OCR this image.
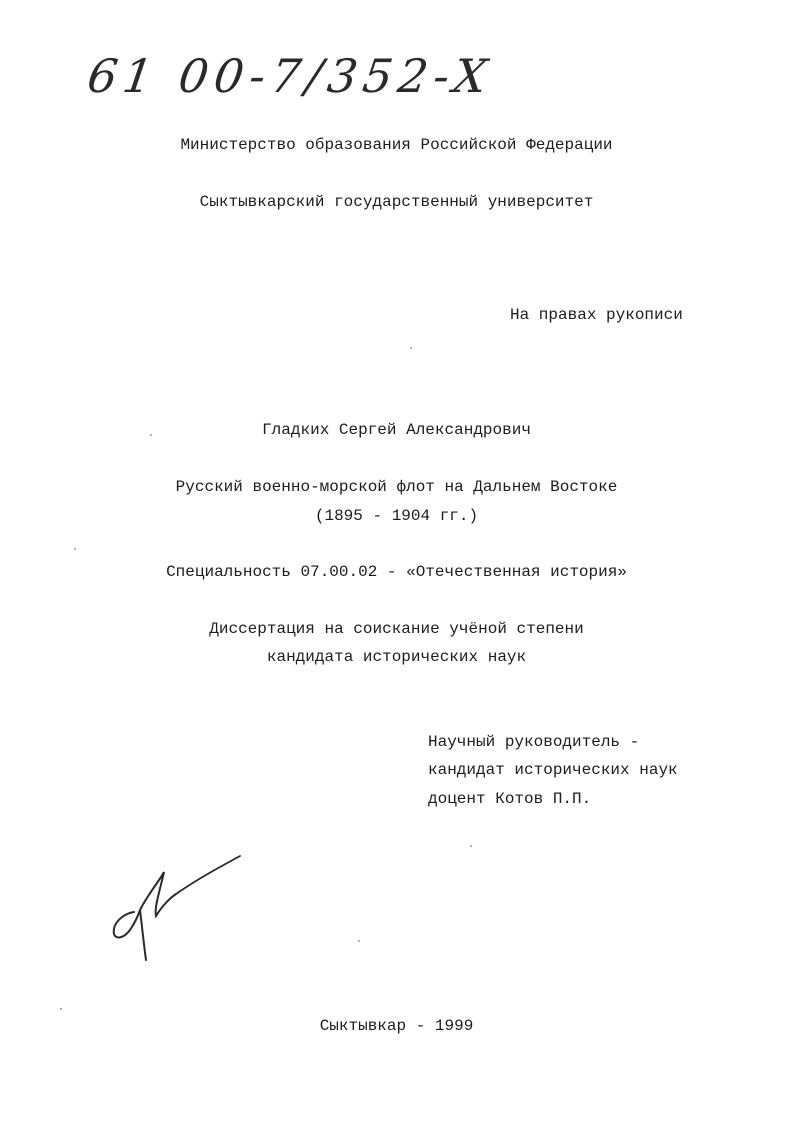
61 00-7/352-X
Министерство образования Российской Федерации
Сыктывкарский государственный университет
На правах рукописи
Гладких Сергей Александрович
Русский военно-морской флот на Дальнем Востоке
(1895 - 1904 гг.)
Специальность 07.00.02 - «Отечественная история»
Диссертация на соискание учёной степени
кандидата исторических наук
Научный руководитель -
кандидат исторических наук
доцент Котов П.П.
Сыктывкар - 1999
